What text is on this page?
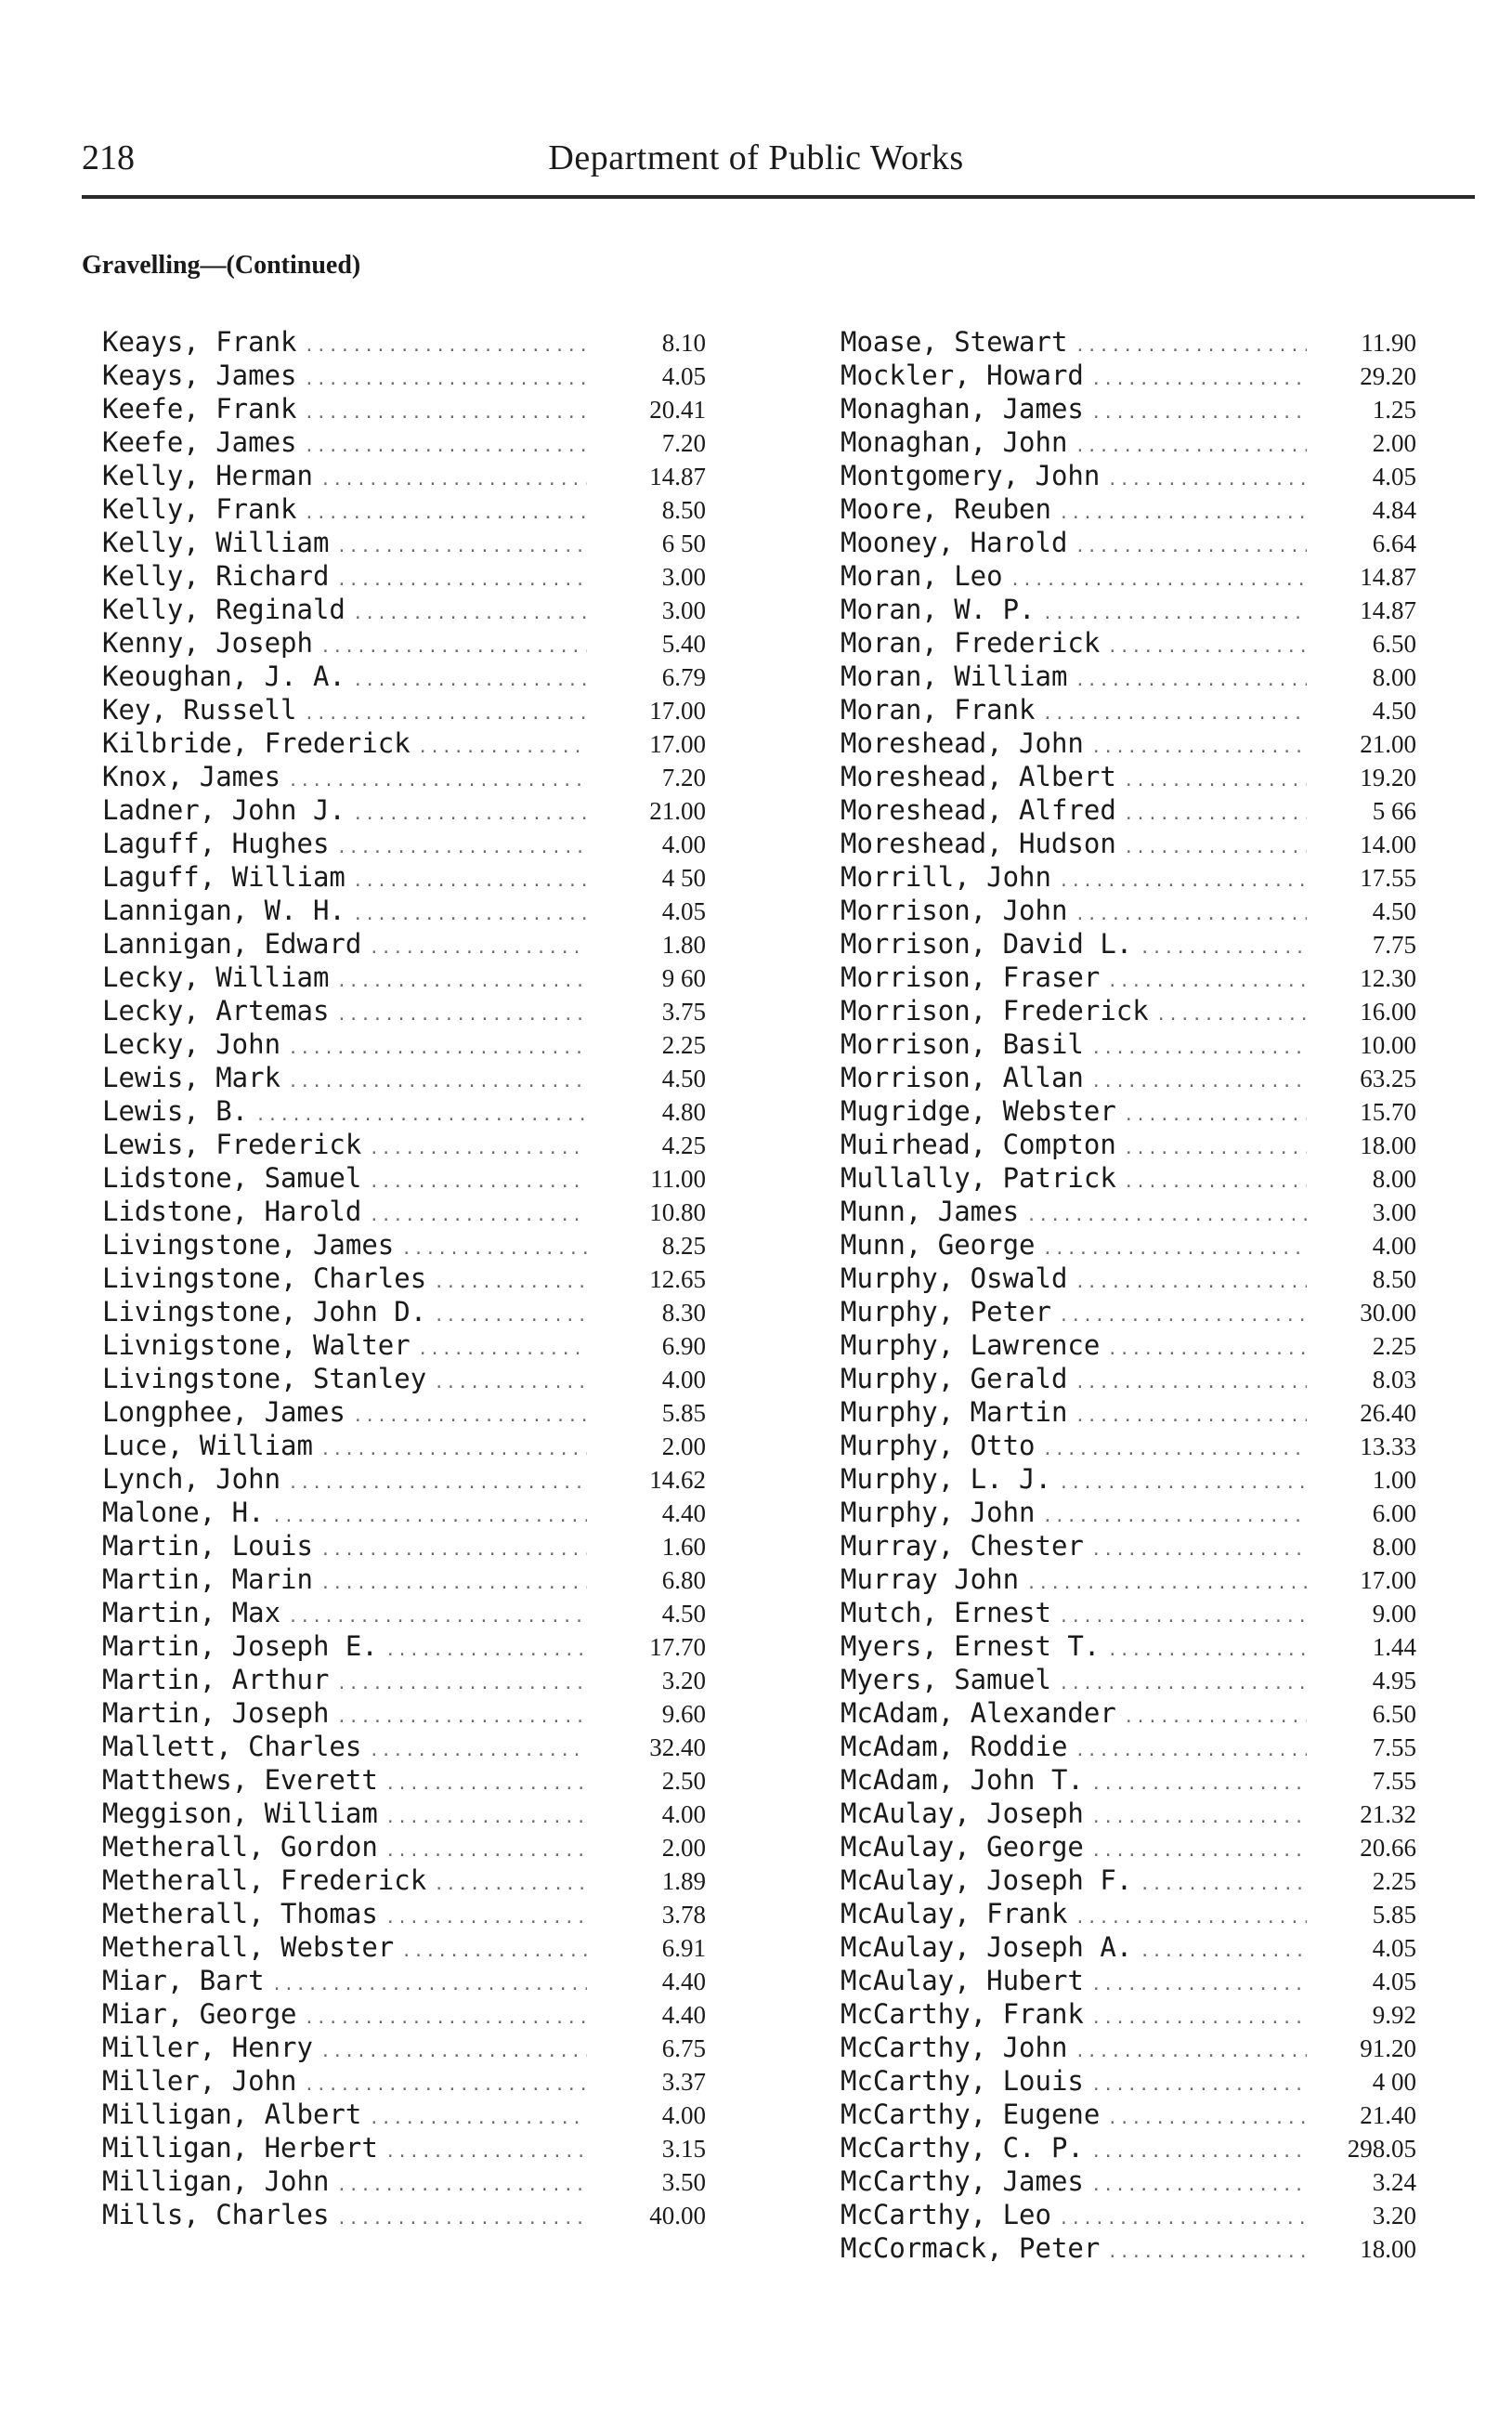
218	Department of Public Works
Gravelling—(Continued)
Keays, Frank .....	8.10
Keays, James .....	4.05
Keefe, Frank .....	20.41
Keefe, James .....	7.20
Kelly, Herman .....	14.87
Kelly, Frank .....	8.50
Kelly, William .....	6 50
Kelly, Richard .....	3.00
Kelly, Reginald .....	3.00
Kenny, Joseph .....	5.40
Keoughan, J. A. .....	6.79
Key, Russell .....	17.00
Kilbride, Frederick .....	17.00
Knox, James .....	7.20
Ladner, John J. .....	21.00
Laguff, Hughes .....	4.00
Laguff, William .....	4 50
Lannigan, W. H. .....	4.05
Lannigan, Edward .....	1.80
Lecky, William .....	9 60
Lecky, Artemas .....	3.75
Lecky, John .....	2.25
Lewis, Mark .....	4.50
Lewis, B. .....	4.80
Lewis, Frederick .....	4.25
Lidstone, Samuel .....	11.00
Lidstone, Harold .....	10.80
Livingstone, James .....	8.25
Livingstone, Charles .....	12.65
Livingstone, John D. .....	8.30
Livnigstone, Walter .....	6.90
Livingstone, Stanley .....	4.00
Longphee, James .....	5.85
Luce, William .....	2.00
Lynch, John .....	14.62
Malone, H. .....	4.40
Martin, Louis .....	1.60
Martin, Marin .....	6.80
Martin, Max .....	4.50
Martin, Joseph E. .....	17.70
Martin, Arthur .....	3.20
Martin, Joseph .....	9.60
Mallett, Charles .....	32.40
Matthews, Everett .....	2.50
Meggison, William .....	4.00
Metherall, Gordon .....	2.00
Metherall, Frederick .....	1.89
Metherall, Thomas .....	3.78
Metherall, Webster .....	6.91
Miar, Bart .....	4.40
Miar, George .....	4.40
Miller, Henry .....	6.75
Miller, John .....	3.37
Milligan, Albert .....	4.00
Milligan, Herbert .....	3.15
Milligan, John .....	3.50
Mills, Charles .....	40.00
Moase, Stewart .....	11.90
Mockler, Howard .....	29.20
Monaghan, James .....	1.25
Monaghan, John .....	2.00
Montgomery, John .....	4.05
Moore, Reuben .....	4.84
Mooney, Harold .....	6.64
Moran, Leo .....	14.87
Moran, W. P. .....	14.87
Moran, Frederick .....	6.50
Moran, William .....	8.00
Moran, Frank .....	4.50
Moreshead, John .....	21.00
Moreshead, Albert .....	19.20
Moreshead, Alfred .....	5 66
Moreshead, Hudson .....	14.00
Morrill, John .....	17.55
Morrison, John .....	4.50
Morrison, David L. .....	7.75
Morrison, Fraser .....	12.30
Morrison, Frederick .....	16.00
Morrison, Basil .....	10.00
Morrison, Allan .....	63.25
Mugridge, Webster .....	15.70
Muirhead, Compton .....	18.00
Mullally, Patrick .....	8.00
Munn, James .....	3.00
Munn, George .....	4.00
Murphy, Oswald .....	8.50
Murphy, Peter .....	30.00
Murphy, Lawrence .....	2.25
Murphy, Gerald .....	8.03
Murphy, Martin .....	26.40
Murphy, Otto .....	13.33
Murphy, L. J. .....	1.00
Murphy, John .....	6.00
Murray, Chester .....	8.00
Murray John .....	17.00
Mutch, Ernest .....	9.00
Myers, Ernest T. .....	1.44
Myers, Samuel .....	4.95
McAdam, Alexander .....	6.50
McAdam, Roddie .....	7.55
McAdam, John T. .....	7.55
McAulay, Joseph .....	21.32
McAulay, George .....	20.66
McAulay, Joseph F. .....	2.25
McAulay, Frank .....	5.85
McAulay, Joseph A. .....	4.05
McAulay, Hubert .....	4.05
McCarthy, Frank .....	9.92
McCarthy, John .....	91.20
McCarthy, Louis .....	4 00
McCarthy, Eugene .....	21.40
McCarthy, C. P. .....	298.05
McCarthy, James .....	3.24
McCarthy, Leo .....	3.20
McCormack, Peter .....	18.00
